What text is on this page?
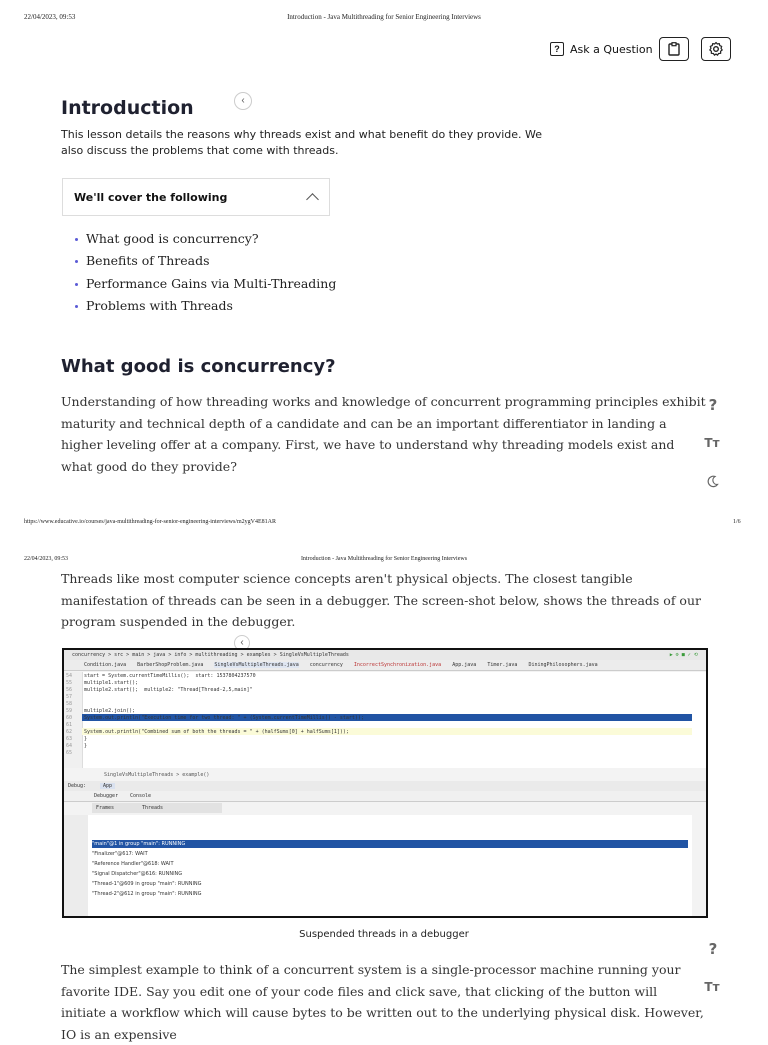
22/04/2023, 09:53	Introduction - Java Multithreading for Senior Engineering Interviews
? Ask a Question
Introduction	‹
This lesson details the reasons why threads exist and what benefit do they provide. We also discuss the problems that come with threads.
We'll cover the following
What good is concurrency?
Benefits of Threads
Performance Gains via Multi-Threading
Problems with Threads
What good is concurrency?
Understanding of how threading works and knowledge of concurrent programming principles exhibit maturity and technical depth of a candidate and can be an important differentiator in landing a higher leveling offer at a company. First, we have to understand why threading models exist and what good do they provide?
?
Tт
https://www.educative.io/courses/java-multithreading-for-senior-engineering-interviews/m2ygV4E81AR	1/6
22/04/2023, 09:53	Introduction - Java Multithreading for Senior Engineering Interviews
Threads like most computer science concepts aren't physical objects. The closest tangible manifestation of threads can be seen in a debugger. The screen-shot below, shows the threads of our program suspended in the debugger.
‹
concurrency > src > main > java > info > multithreading > examples > SingleVsMultipleThreads	▶ ⚙ ■ ✓ ⟲
Condition.java BarberShopProblem.java SingleVsMultipleThreads.java concurrency IncorrectSynchronization.java App.java Timer.java DiningPhilosophers.java
54 start = System.currentTimeMillis();  start: 1537804237570
55 multiple1.start();
56 multiple2.start();  multiple2: "Thread[Thread-2,5,main]"
57
58 multiple1.join();  multiple1: "Thread[Thread-1,5,main]"
59 multiple2.join();
60 System.out.println("Execution time for two thread: " + (System.currentTimeMillis() - start));
61
62 System.out.println("Combined sum of both the threads = " + (halfSums[0] + halfSums[1]));
63 }
64 }
65
SingleVsMultipleThreads > example()
Debug:	App
Debugger Console
Frames	Threads
"main"@1 in group "main": RUNNING
"Finalizer"@617: WAIT
"Reference Handler"@618: WAIT
"Signal Dispatcher"@616: RUNNING
"Thread-1"@609 in group "main": RUNNING
"Thread-2"@612 in group "main": RUNNING
Suspended threads in a debugger
?
Tт
The simplest example to think of a concurrent system is a single-processor machine running your favorite IDE. Say you edit one of your code files and click save, that clicking of the button will initiate a workflow which will cause bytes to be written out to the underlying physical disk. However, IO is an expensive
